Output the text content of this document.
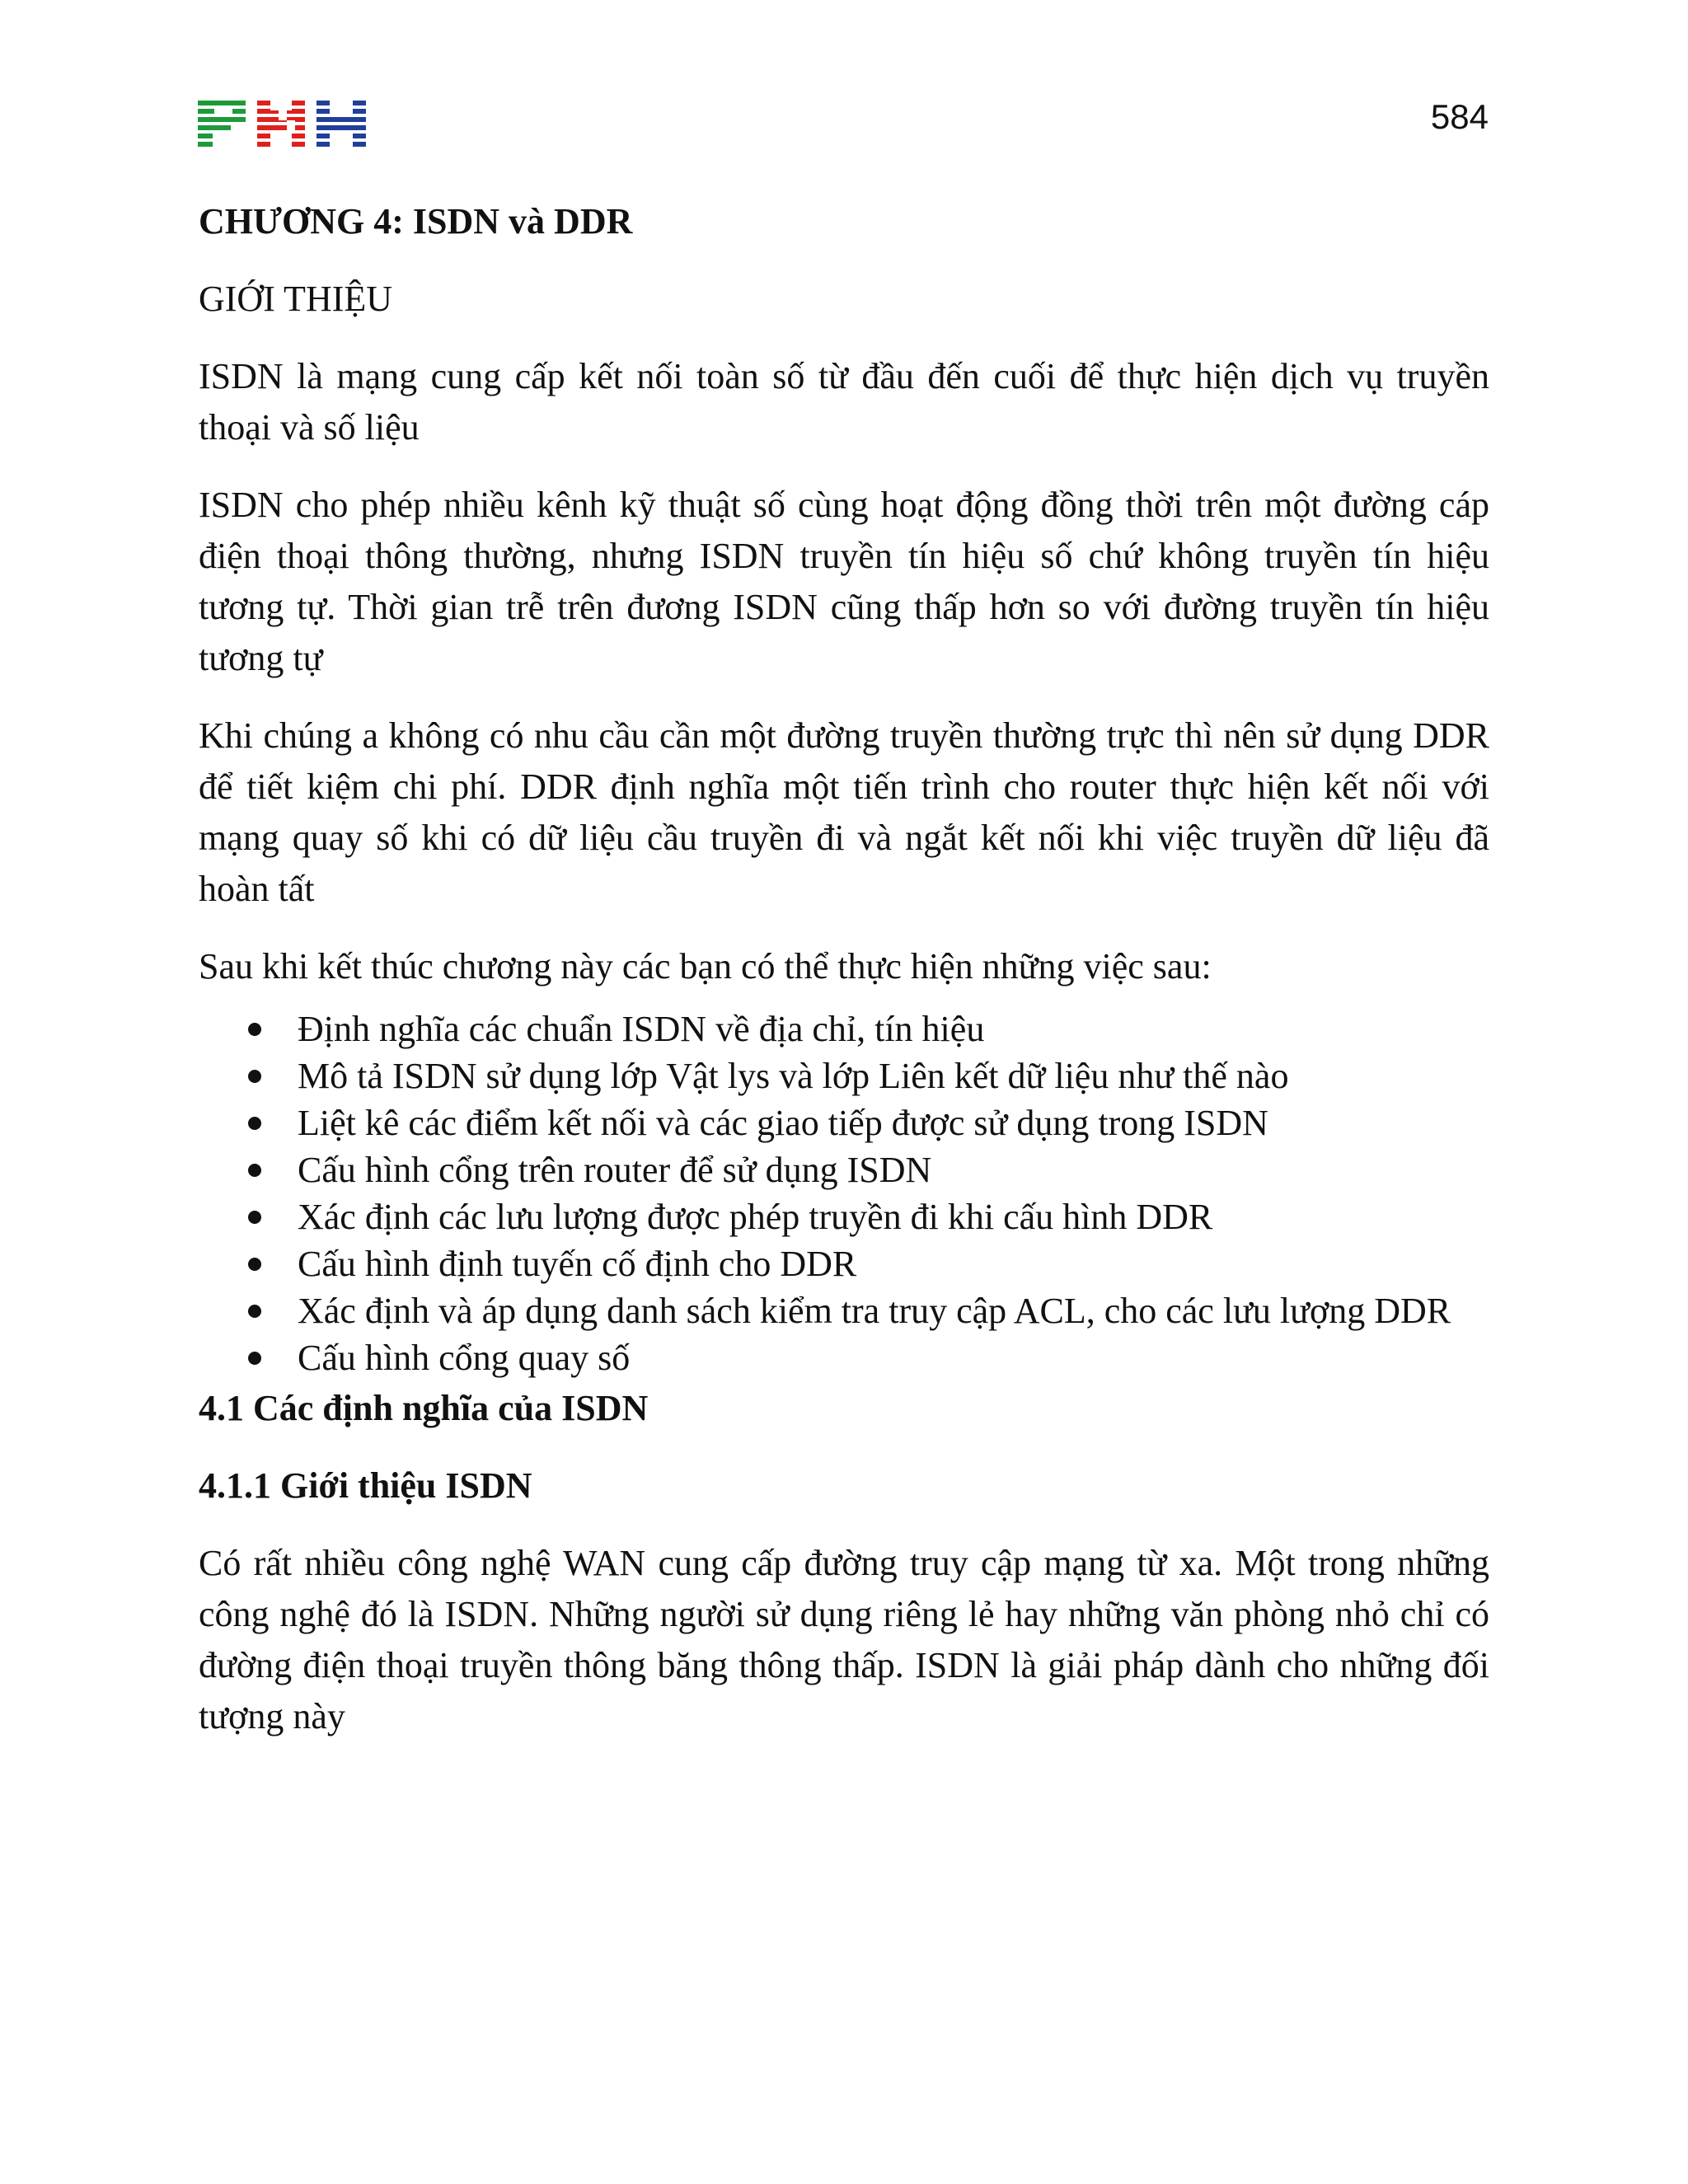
584
CHƯƠNG 4: ISDN và DDR
GIỚI THIỆU

ISDN là mạng cung cấp kết nối toàn số từ đầu đến cuối để thực hiện dịch vụ truyền thoại và số liệu

ISDN cho phép nhiều kênh kỹ thuật số cùng hoạt động đồng thời trên một đường cáp điện thoại thông thường, nhưng ISDN truyền tín hiệu số chứ không truyền tín hiệu tương tự. Thời gian trễ trên đương ISDN cũng thấp hơn so với đường truyền tín hiệu tương tự

Khi chúng a không có nhu cầu cần một đường truyền thường trực thì nên sử dụng DDR để tiết kiệm chi phí. DDR định nghĩa một tiến trình cho router thực hiện kết nối với mạng quay số khi có dữ liệu cầu truyền đi và ngắt kết nối khi việc truyền dữ liệu đã hoàn tất

Sau khi kết thúc chương này các bạn có thể thực hiện những việc sau:

Định nghĩa các chuẩn ISDN về địa chỉ, tín hiệu
Mô tả ISDN sử dụng lớp Vật lys và lớp Liên kết dữ liệu như thế nào
Liệt kê các điểm kết nối và các giao tiếp được sử dụng trong ISDN
Cấu hình cổng trên router để sử dụng ISDN
Xác định các lưu lượng được phép truyền đi khi cấu hình DDR
Cấu hình định tuyến cố định cho DDR
Xác định và áp dụng danh sách kiểm tra truy cập ACL, cho các lưu lượng DDR
Cấu hình cổng quay số
4.1 Các định nghĩa của ISDN
4.1.1 Giới thiệu ISDN

Có rất nhiều công nghệ WAN cung cấp đường truy cập mạng từ xa. Một trong những công nghệ đó là ISDN. Những người sử dụng riêng lẻ hay những văn phòng nhỏ chỉ có đường điện thoại truyền thông băng thông thấp. ISDN là giải pháp dành cho những đối tượng này
